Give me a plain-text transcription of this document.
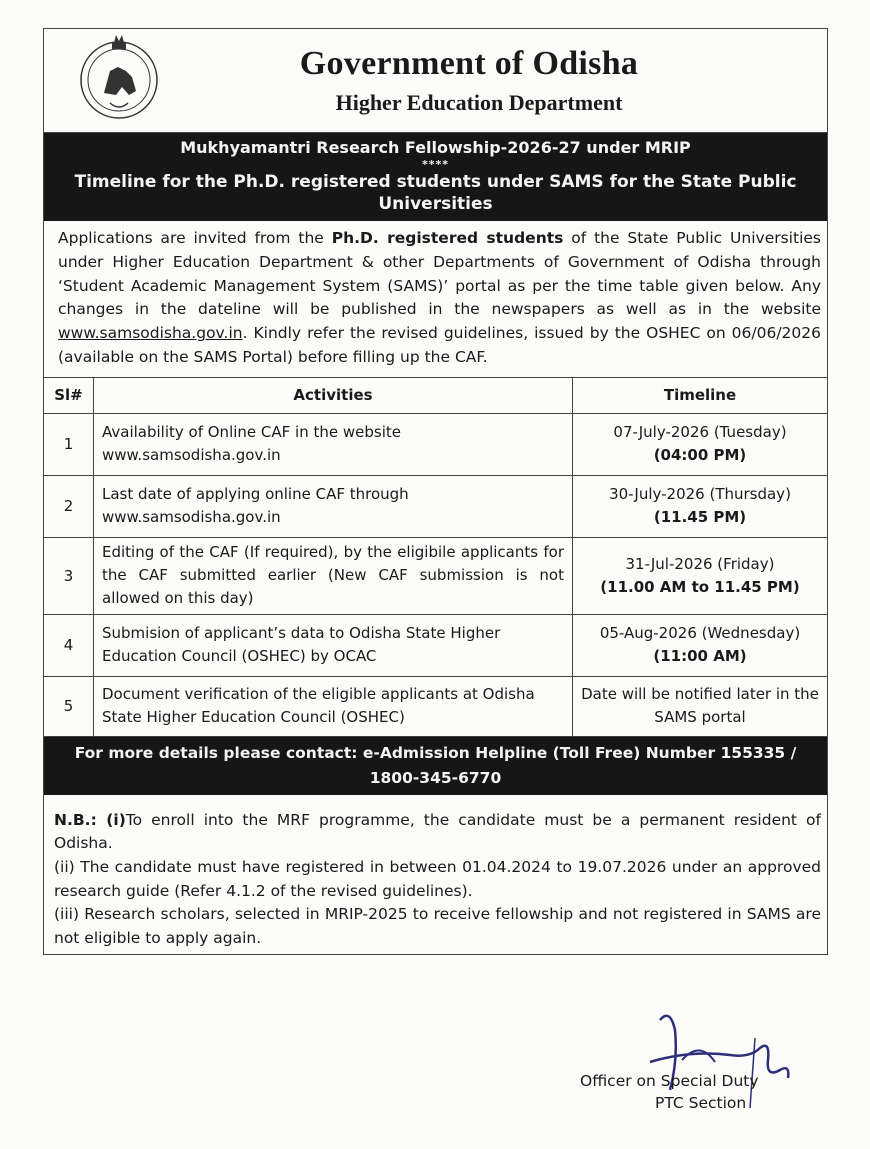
Government of Odisha
Higher Education Department
Mukhyamantri Research Fellowship-2026-27 under MRIP
****
Timeline for the Ph.D. registered students under SAMS for the State Public Universities
Applications are invited from the Ph.D. registered students of the State Public Universities under Higher Education Department & other Departments of Government of Odisha through ‘Student Academic Management System (SAMS)’ portal as per the time table given below. Any changes in the dateline will be published in the newspapers as well as in the website www.samsodisha.gov.in. Kindly refer the revised guidelines, issued by the OSHEC on 06/06/2026 (available on the SAMS Portal) before filling up the CAF.
Sl#	Activities	Timeline
1	Availability of Online CAF in the website www.samsodisha.gov.in	07-July-2026 (Tuesday)
(04:00 PM)
2	Last date of applying online CAF through www.samsodisha.gov.in	30-July-2026 (Thursday)
(11.45 PM)
3	Editing of the CAF (If required), by the eligibile applicants for the CAF submitted earlier (New CAF submission is not allowed on this day)	31-Jul-2026 (Friday)
(11.00 AM to 11.45 PM)
4	Submision of applicant’s data to Odisha State Higher Education Council (OSHEC) by OCAC	05-Aug-2026 (Wednesday)
(11:00 AM)
5	Document verification of the eligible applicants at Odisha State Higher Education Council (OSHEC)	Date will be notified later in the SAMS portal
For more details please contact: e-Admission Helpline (Toll Free) Number 155335 /
1800-345-6770

N.B.: (i)To enroll into the MRF programme, the candidate must be a permanent resident of Odisha.

(ii) The candidate must have registered in between 01.04.2024 to 19.07.2026 under an approved research guide (Refer 4.1.2 of the revised guidelines).

(iii) Research scholars, selected in MRIP-2025 to receive fellowship and not registered in SAMS are not eligible to apply again.

Officer on Special Duty
PTC Section
